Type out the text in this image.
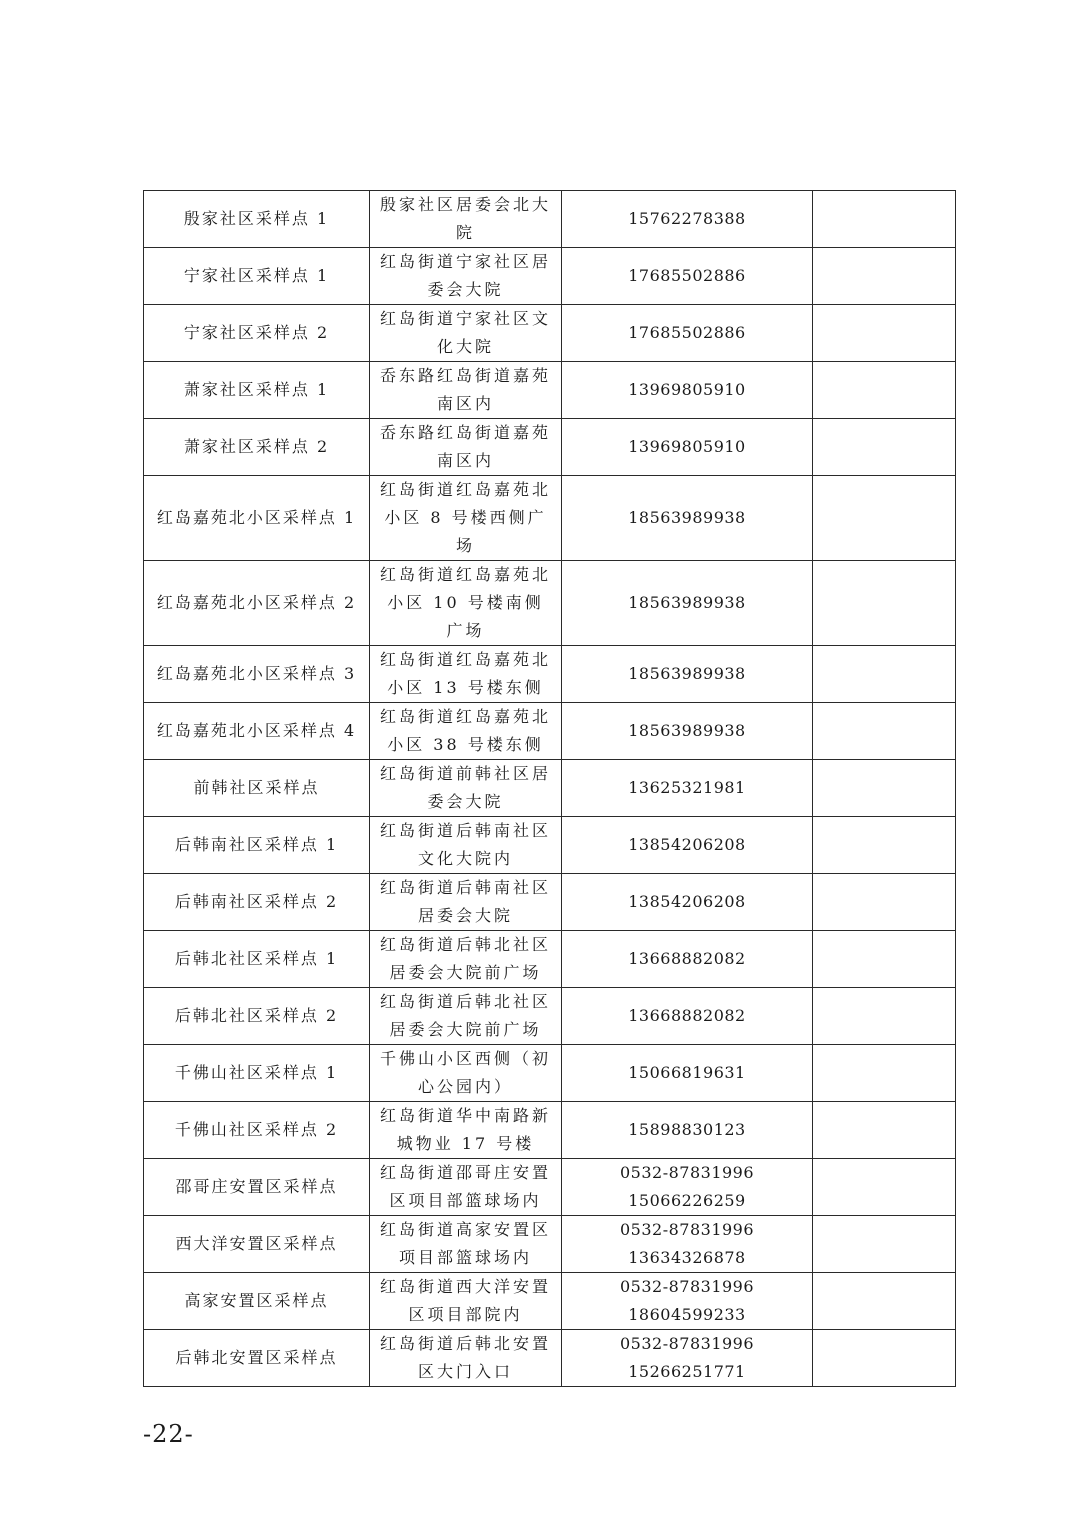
殷家社区采样点 1	殷家社区居委会北大院	15762278388	

宁家社区采样点 1	红岛街道宁家社区居委会大院	17685502886	

宁家社区采样点 2	红岛街道宁家社区文化大院	17685502886	

萧家社区采样点 1	岙东路红岛街道嘉苑南区内	13969805910	

萧家社区采样点 2	岙东路红岛街道嘉苑南区内	13969805910	

红岛嘉苑北小区采样点 1	红岛街道红岛嘉苑北小区 8 号楼西侧广场	18563989938	

红岛嘉苑北小区采样点 2	红岛街道红岛嘉苑北小区 10 号楼南侧广场	18563989938	

红岛嘉苑北小区采样点 3	红岛街道红岛嘉苑北小区 13 号楼东侧	18563989938	

红岛嘉苑北小区采样点 4	红岛街道红岛嘉苑北小区 38 号楼东侧	18563989938	

前韩社区采样点	红岛街道前韩社区居委会大院	13625321981	

后韩南社区采样点 1	红岛街道后韩南社区文化大院内	13854206208	

后韩南社区采样点 2	红岛街道后韩南社区居委会大院	13854206208	

后韩北社区采样点 1	红岛街道后韩北社区居委会大院前广场	13668882082	

后韩北社区采样点 2	红岛街道后韩北社区居委会大院前广场	13668882082	

千佛山社区采样点 1	千佛山小区西侧（初心公园内）	15066819631	

千佛山社区采样点 2	红岛街道华中南路新城物业 17 号楼	15898830123	

邵哥庄安置区采样点	红岛街道邵哥庄安置区项目部篮球场内	0532-87831996
15066226259	

西大洋安置区采样点	红岛街道高家安置区项目部篮球场内	0532-87831996
13634326878	

高家安置区采样点	红岛街道西大洋安置区项目部院内	0532-87831996
18604599233	

后韩北安置区采样点	红岛街道后韩北安置区大门入口	0532-87831996
15266251771	

-22-
